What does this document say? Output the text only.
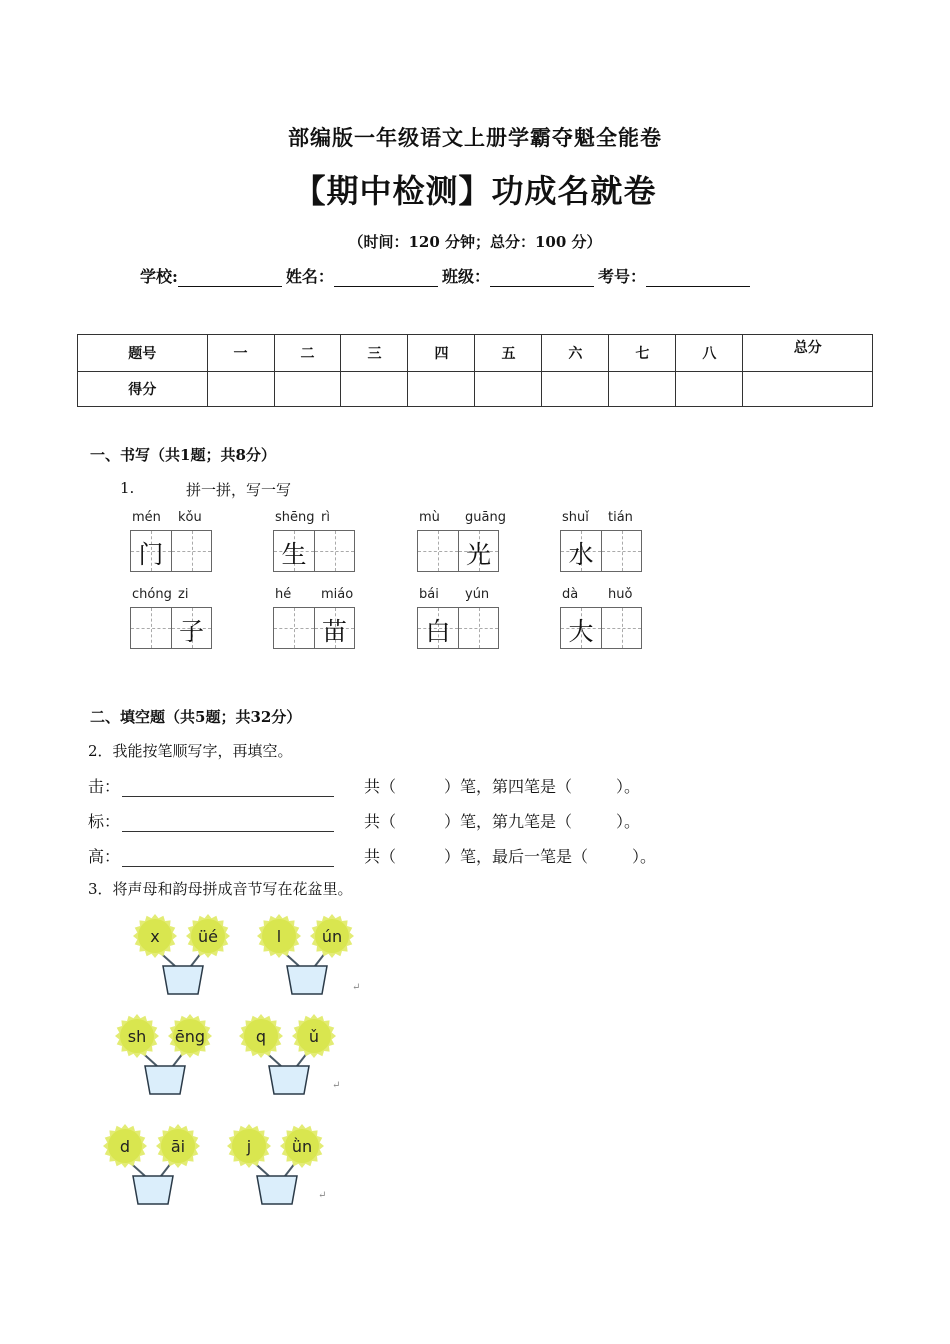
部编版一年级语文上册学霸夺魁全能卷
【期中检测】功成名就卷
（时间：120 分钟；总分：100 分）
学校:	姓名：	班级：	考号：
题号	一	二	三	四	五	六	七	八	总分
得分									
一、书写（共1题；共8分）
1.	拼一拼，写一写
mén kǒu
门
shēng rì
生
mù guāng
光
shuǐ tián
水
chóng zi
子
hé miáo
苗
bái yún
白
dà huǒ
大
二、填空题（共5题；共32分）
2．我能按笔顺写字，再填空。
击：	共（	）笔，第四笔是（	）。
标：	共（	）笔，第九笔是（	）。
高：	共（	）笔，最后一笔是（	）。
3．将声母和韵母拼成音节写在花盆里。
x üé	l	ún
sh ēng	q	ǔ
d	āi	j	ǜn
↵
↵
↵
